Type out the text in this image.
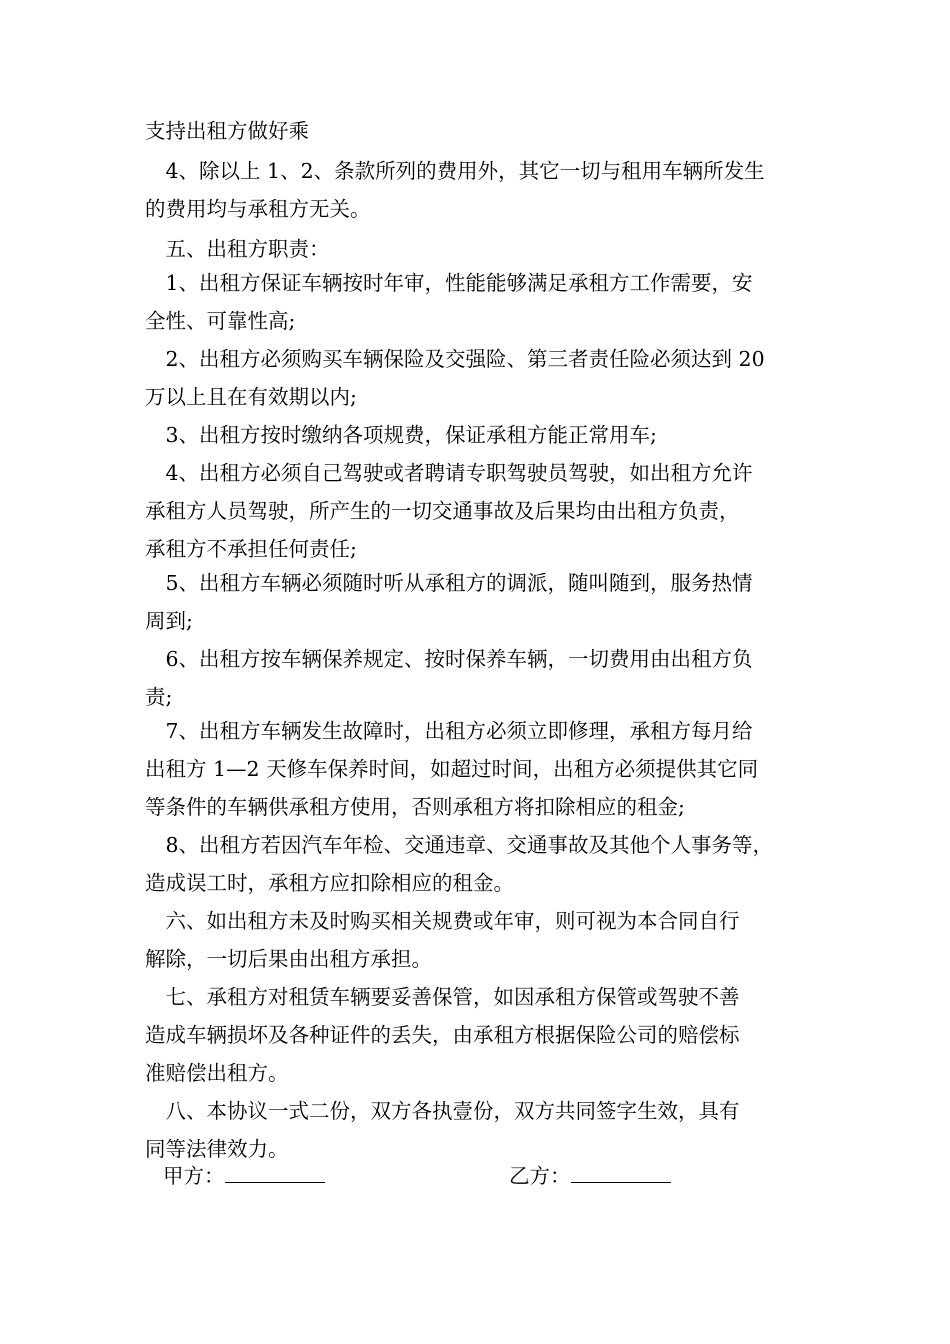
支持出租方做好乘
　4、除以上 1、2、条款所列的费用外，其它一切与租用车辆所发生
的费用均与承租方无关。
　五、出租方职责：
　1、出租方保证车辆按时年审，性能能够满足承租方工作需要，安
全性、可靠性高;
　2、出租方必须购买车辆保险及交强险、第三者责任险必须达到 20
万以上且在有效期以内;
　3、出租方按时缴纳各项规费，保证承租方能正常用车;
　4、出租方必须自己驾驶或者聘请专职驾驶员驾驶，如出租方允许
承租方人员驾驶，所产生的一切交通事故及后果均由出租方负责，
承租方不承担任何责任;
　5、出租方车辆必须随时听从承租方的调派，随叫随到，服务热情
周到;
　6、出租方按车辆保养规定、按时保养车辆，一切费用由出租方负
责;
　7、出租方车辆发生故障时，出租方必须立即修理，承租方每月给
出租方 1—2 天修车保养时间，如超过时间，出租方必须提供其它同
等条件的车辆供承租方使用，否则承租方将扣除相应的租金;
　8、出租方若因汽车年检、交通违章、交通事故及其他个人事务等，
造成误工时，承租方应扣除相应的租金。
　六、如出租方未及时购买相关规费或年审，则可视为本合同自行
解除，一切后果由出租方承担。
　七、承租方对租赁车辆要妥善保管，如因承租方保管或驾驶不善
造成车辆损坏及各种证件的丢失，由承租方根据保险公司的赔偿标
准赔偿出租方。
　八、本协议一式二份，双方各执壹份，双方共同签字生效，具有
同等法律效力。
甲方：	乙方：
